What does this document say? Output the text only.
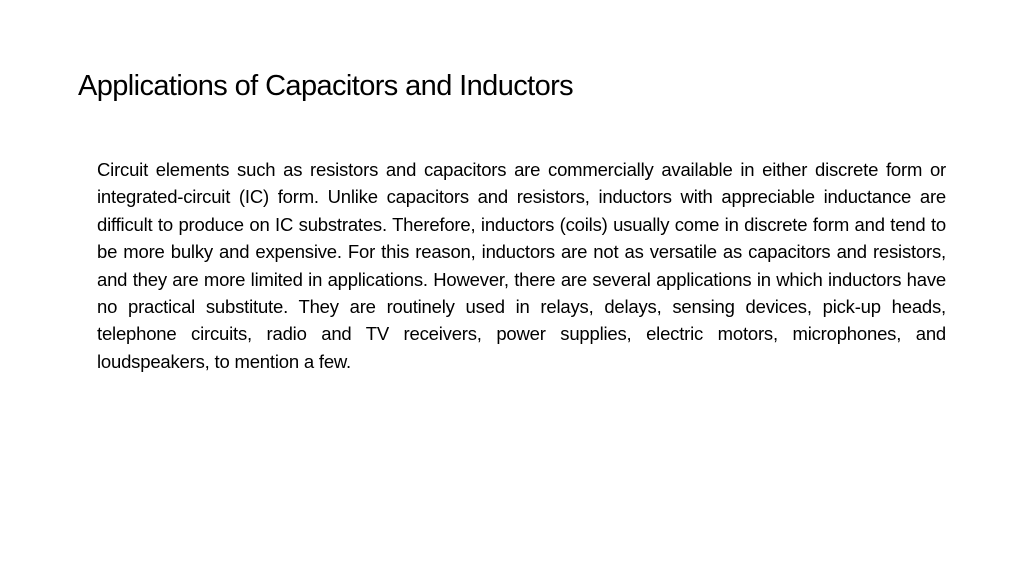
Applications of Capacitors and Inductors

Circuit elements such as resistors and capacitors are commercially available in either discrete form or integrated-circuit (IC) form. Unlike capacitors and resistors, inductors with appreciable inductance are difficult to produce on IC substrates. Therefore, inductors (coils) usually come in discrete form and tend to be more bulky and expensive. For this reason, inductors are not as versatile as capacitors and resistors, and they are more limited in applications. However, there are several applications in which inductors have no practical substitute. They are routinely used in relays, delays, sensing devices, pick-up heads, telephone circuits, radio and TV receivers, power supplies, electric motors, microphones, and loudspeakers, to mention a few.
